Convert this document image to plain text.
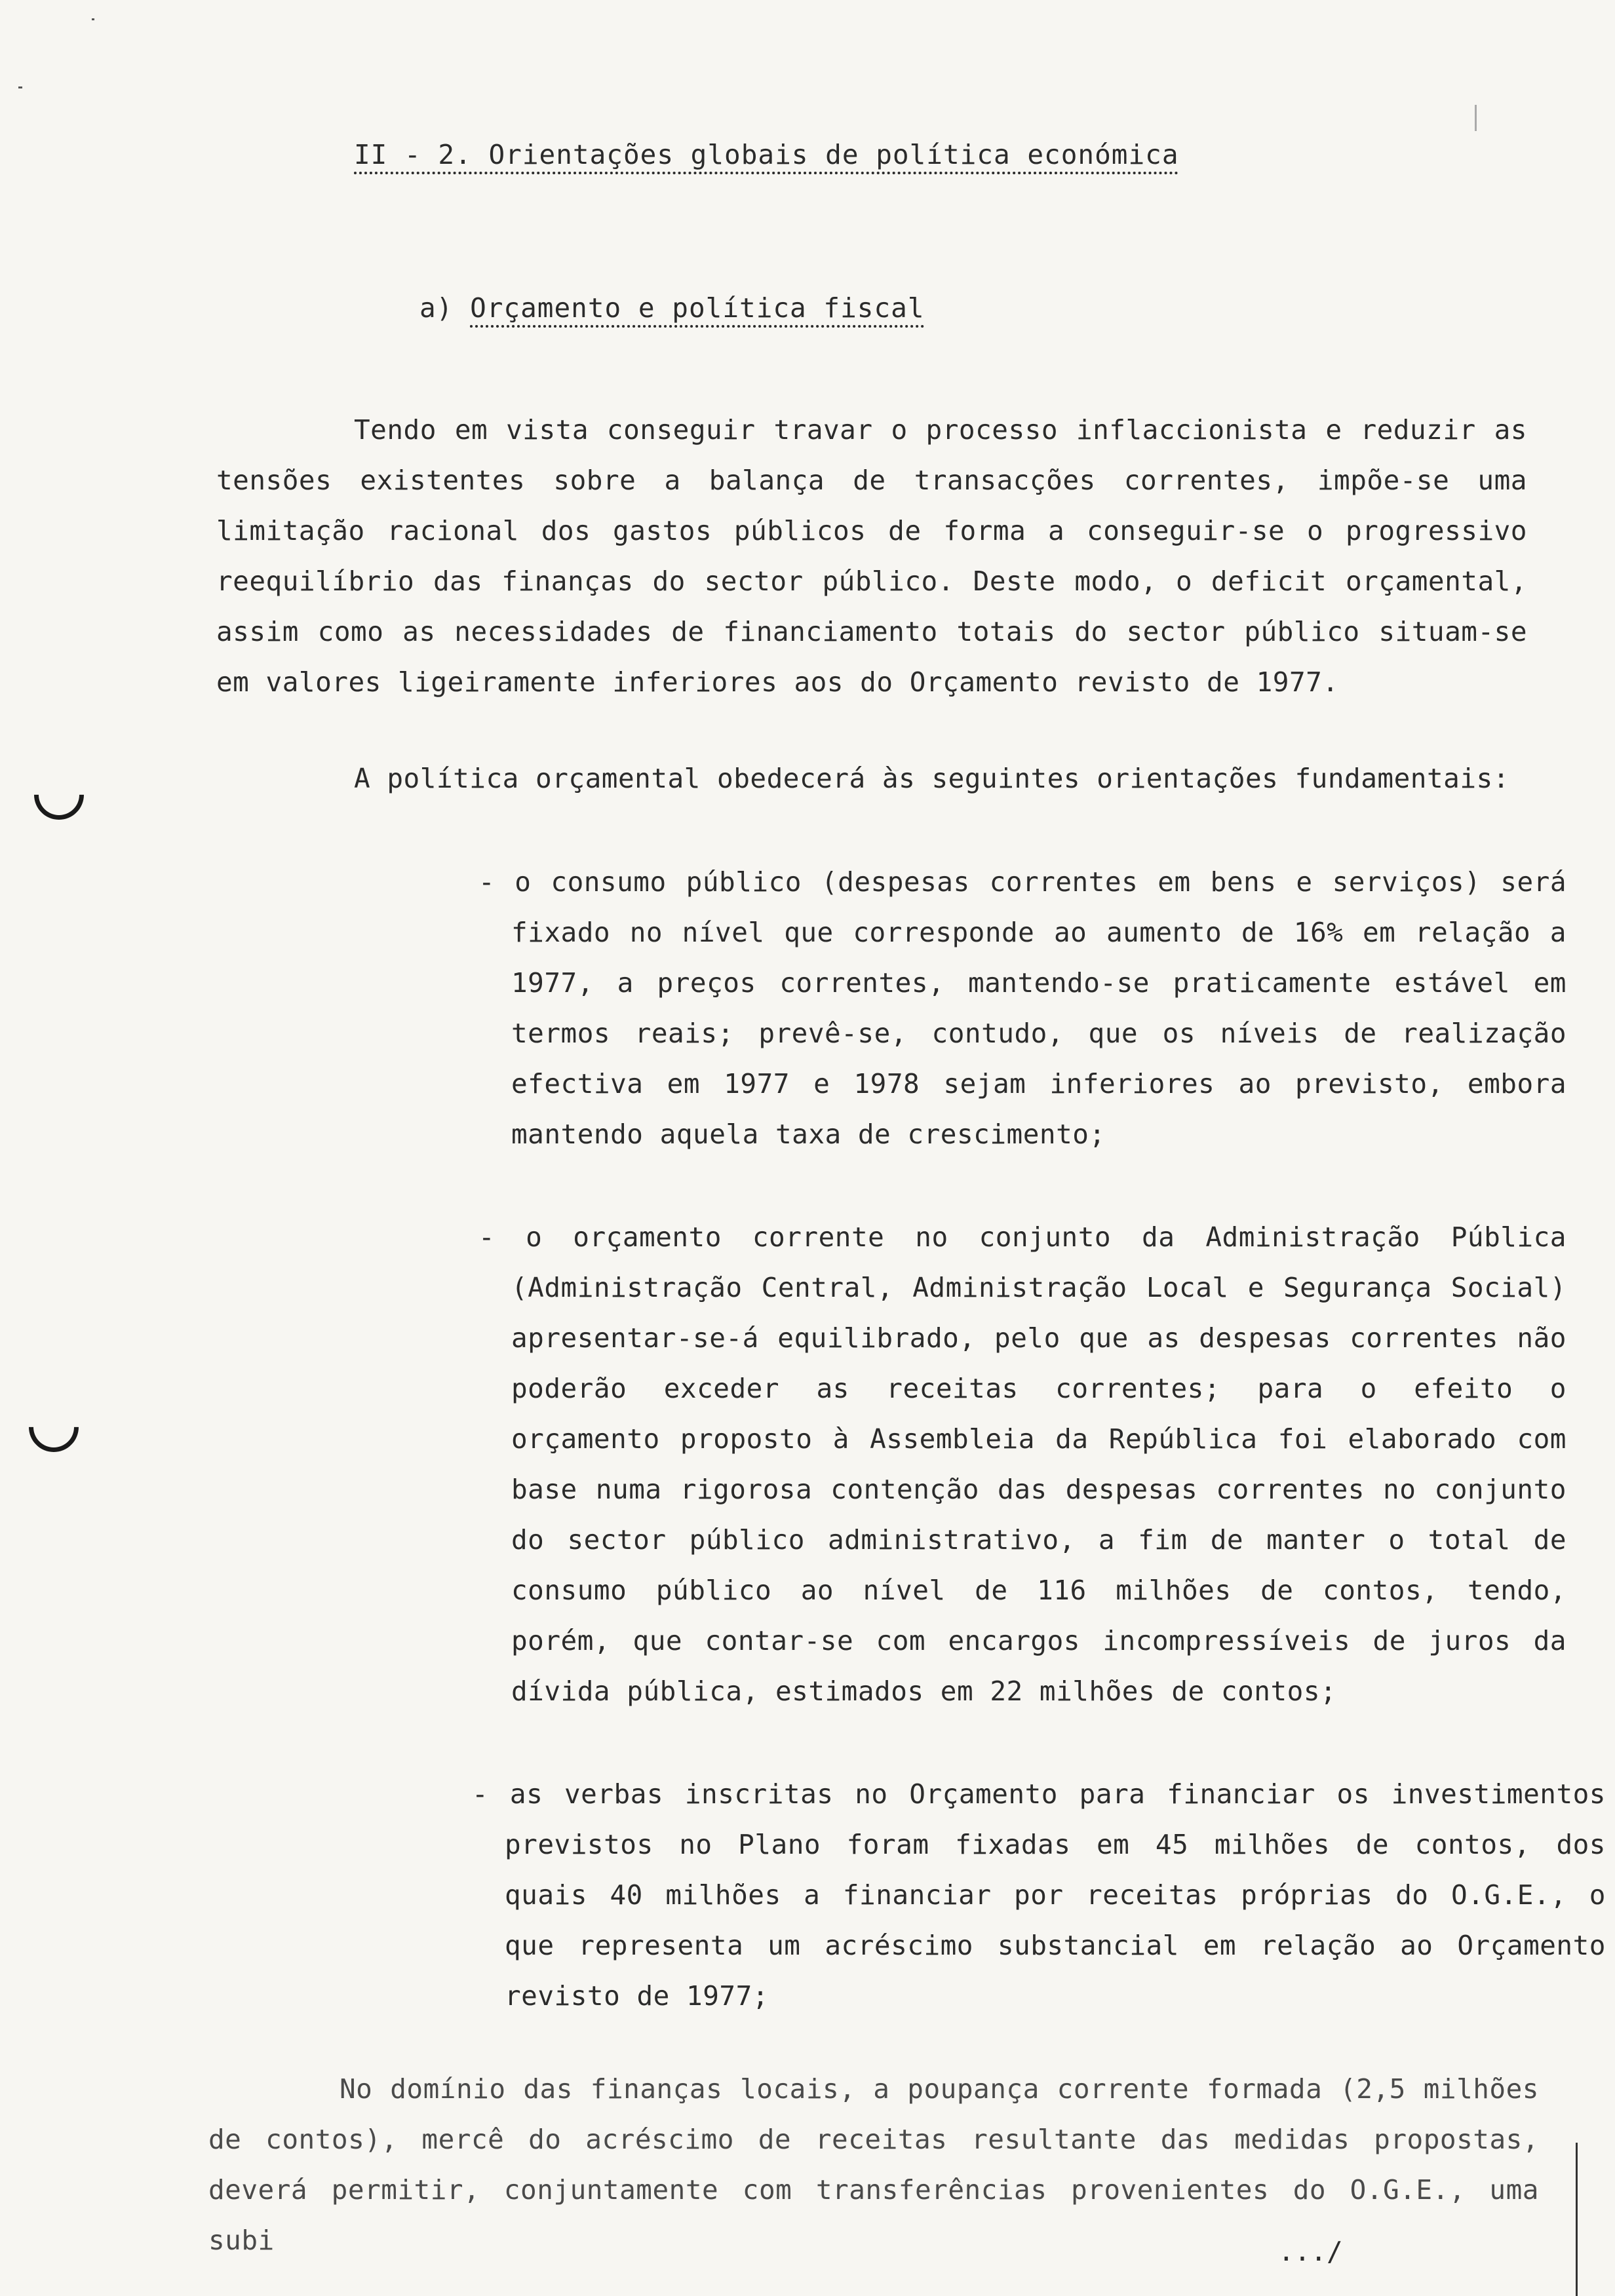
II - 2. Orientações globais de política económica
a) Orçamento e política fiscal

Tendo em vista conseguir travar o processo inflaccionista e reduzir as tensões existentes sobre a balança de transacções correntes, impõe-se uma limitação racional dos gastos públicos de forma a conseguir-se o progressivo reequilíbrio das finanças do sector público. Deste modo, o deficit orçamental, assim como as necessidades de financiamento totais do sector público situam-se em valores ligeiramente inferiores aos do Orçamento revisto de 1977.

A política orçamental obedecerá às seguintes orientações fundamentais:

- o consumo público (despesas correntes em bens e serviços) será fixado no nível que corresponde ao aumento de 16% em relação a 1977, a preços correntes, mantendo-se praticamente estável em termos reais; prevê-se, contudo, que os níveis de realização efectiva em 1977 e 1978 sejam inferiores ao previsto, embora mantendo aquela taxa de crescimento;

- o orçamento corrente no conjunto da Administração Pública (Administração Central, Administração Local e Segurança Social) apresentar-se-á equilibrado, pelo que as despesas correntes não poderão exceder as receitas correntes; para o efeito o orçamento proposto à Assembleia da República foi elaborado com base numa rigorosa contenção das despesas correntes no conjunto do sector público administrativo, a fim de manter o total de consumo público ao nível de 116 milhões de contos, tendo, porém, que contar-se com encargos incompressíveis de juros da dívida pública, estimados em 22 milhões de contos;

- as verbas inscritas no Orçamento para financiar os investimentos previstos no Plano foram fixadas em 45 milhões de contos, dos quais 40 milhões a financiar por receitas próprias do O.G.E., o que representa um acréscimo substancial em relação ao Orçamento revisto de 1977;

No domínio das finanças locais, a poupança corrente formada (2,5 milhões de contos), mercê do acréscimo de receitas resultante das medidas propostas, deverá permitir, conjuntamente com transferências provenientes do O.G.E., uma subi	.../
